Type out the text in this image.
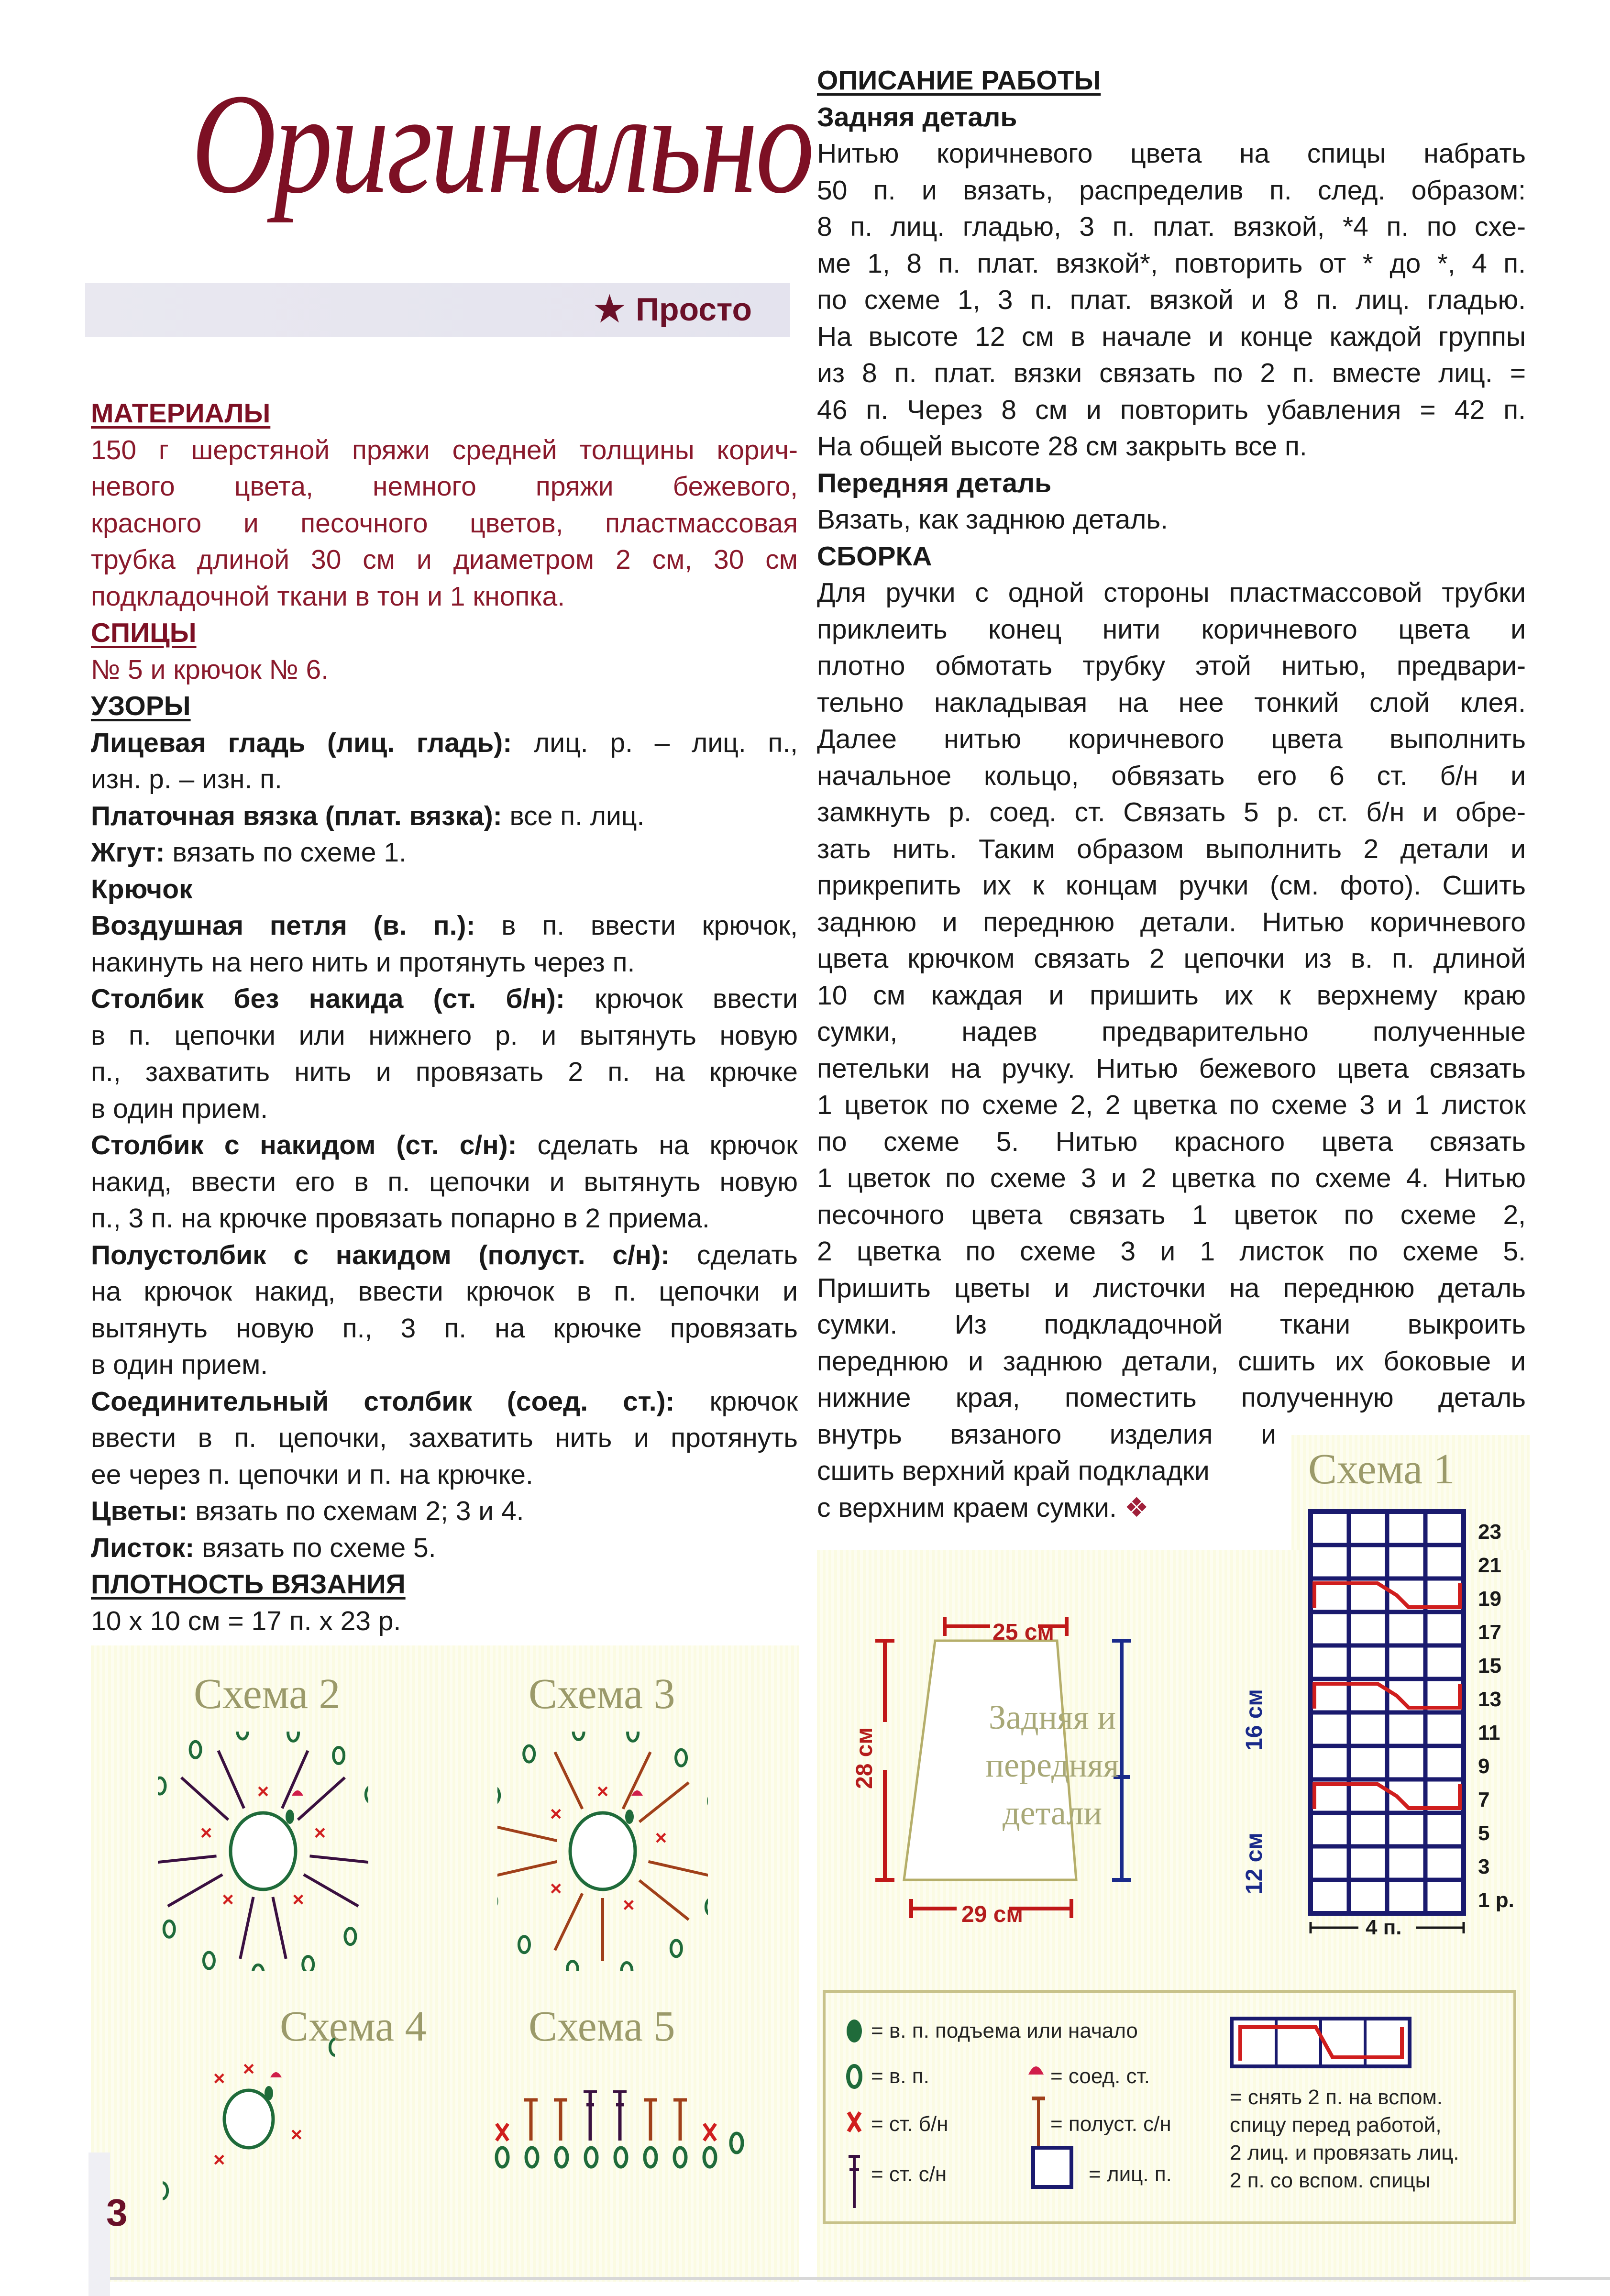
Оригинально
★ Просто

МАТЕРИАЛЫ

150 г шерстяной пряжи средней толщины корич-
невого цвета, немного пряжи бежевого,
красного и песочного цветов, пластмассовая
трубка длиной 30 см и диаметром 2 см, 30 см
подкладочной ткани в тон и 1 кнопка.

СПИЦЫ

№ 5 и крючок № 6.

УЗОРЫ

Лицевая гладь (лиц. гладь): лиц. р. – лиц. п.,
изн. р. – изн. п.
Платочная вязка (плат. вязка): все п. лиц.
Жгут: вязать по схеме 1.

Крючок

Воздушная петля (в. п.): в п. ввести крючок,
накинуть на него нить и протянуть через п.
Столбик без накида (ст. б/н): крючок ввести
в п. цепочки или нижнего р. и вытянуть новую
п., захватить нить и провязать 2 п. на крючке
в один прием.
Столбик с накидом (ст. с/н): сделать на крючок
накид, ввести его в п. цепочки и вытянуть новую
п., 3 п. на крючке провязать попарно в 2 приема.
Полустолбик с накидом (полуст. с/н): сделать
на крючок накид, ввести крючок в п. цепочки и
вытянуть новую п., 3 п. на крючке провязать
в один прием.
Соединительный столбик (соед. ст.): крючок
ввести в п. цепочки, захватить нить и протянуть
ее через п. цепочки и п. на крючке.
Цветы: вязать по схемам 2; 3 и 4.
Листок: вязать по схеме 5.

ПЛОТНОСТЬ ВЯЗАНИЯ

10 х 10 см = 17 п. х 23 р.

ОПИСАНИЕ РАБОТЫ

Задняя деталь

Нитью коричневого цвета на спицы набрать
50 п. и вязать, распределив п. след. образом:
8 п. лиц. гладью, 3 п. плат. вязкой, *4 п. по схе-
ме 1, 8 п. плат. вязкой*, повторить от * до *, 4 п.
по схеме 1, 3 п. плат. вязкой и 8 п. лиц. гладью.
На высоте 12 см в начале и конце каждой группы
из 8 п. плат. вязки связать по 2 п. вместе лиц. =
46 п. Через 8 см и повторить убавления = 42 п.
На общей высоте 28 см закрыть все п.

Передняя деталь

Вязать, как заднюю деталь.

СБОРКА

Для ручки с одной стороны пластмассовой трубки
приклеить конец нити коричневого цвета и
плотно обмотать трубку этой нитью, предвари-
тельно накладывая на нее тонкий слой клея.
Далее нитью коричневого цвета выполнить
начальное кольцо, обвязать его 6 ст. б/н и
замкнуть р. соед. ст. Связать 5 р. ст. б/н и обре-
зать нить. Таким образом выполнить 2 детали и
прикрепить их к концам ручки (см. фото). Сшить
заднюю и переднюю детали. Нитью коричневого
цвета крючком связать 2 цепочки из в. п. длиной
10 см каждая и пришить их к верхнему краю
сумки, надев предварительно полученные
петельки на ручку. Нитью бежевого цвета связать
1 цветок по схеме 2, 2 цветка по схеме 3 и 1 листок
по схеме 5. Нитью красного цвета связать
1 цветок по схеме 3 и 2 цветка по схеме 4. Нитью
песочного цвета связать 1 цветок по схеме 2,
2 цветка по схеме 3 и 1 листок по схеме 5.
Пришить цветы и листочки на переднюю деталь
сумки. Из подкладочной ткани выкроить
переднюю и заднюю детали, сшить их боковые и
нижние края, поместить полученную деталь
внутрь вязаного изделия и
сшить верхний край подкладки
с верхним краем сумки. ❖
3
Схема 1
23
21
19
17
15
13
11
9
7
5
3
1 р.
4 п.
25 см
29 см
28 см
16 см
12 см
Задняя и
передняя
детали
= в. п. подъема или начало
= в. п.	= соед. ст.
= ст. б/н	= полуст. с/н
= ст. с/н	= лиц. п.
= снять 2 п. на вспом.
спицу перед работой,
2 лиц. и провязать лиц.
2 п. со вспом. спицы
Схема 2	Схема 3
Схема 4 Схема 5
×
×
×
×
×
×
×
×
×
×
×
×
×
×
